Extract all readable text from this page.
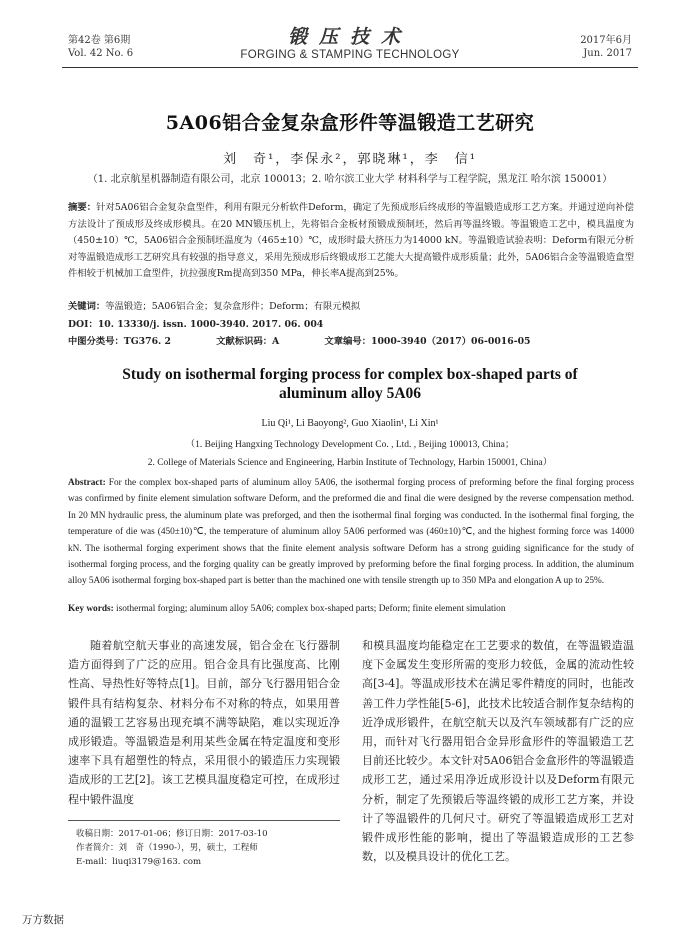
第42卷 第6期
Vol. 42 No. 6
锻压技术
FORGING & STAMPING TECHNOLOGY
2017年6月
Jun. 2017
5A06铝合金复杂盒形件等温锻造工艺研究
刘　奇¹，李保永²，郭晓琳¹，李　信¹
（1. 北京航星机器制造有限公司，北京 100013；2. 哈尔滨工业大学 材料科学与工程学院，黑龙江 哈尔滨 150001）
摘要：针对5A06铝合金复杂盒型件，利用有限元分析软件Deform，确定了先预成形后终成形的等温锻造成形工艺方案。并通过逆向补偿方法设计了预成形及终成形模具。在20 MN锻压机上，先将铝合金板材预锻成预制坯，然后再等温终锻。等温锻造工艺中，模具温度为（450±10）℃，5A06铝合金预制坯温度为（465±10）℃，成形时最大挤压力为14000 kN。等温锻造试验表明：Deform有限元分析对等温锻造成形工艺研究具有较强的指导意义，采用先预成形后终锻成形工艺能大大提高锻件成形质量；此外，5A06铝合金等温锻造盒型件相较于机械加工盒型件，抗拉强度Rm提高到350 MPa，伸长率A提高到25%。
关键词：等温锻造；5A06铝合金；复杂盒形件；Deform；有限元模拟
DOI：10. 13330/j. issn. 1000-3940. 2017. 06. 004
中图分类号：TG376. 2	文献标识码：A	文章编号：1000-3940（2017）06-0016-05
Study on isothermal forging process for complex box-shaped parts of aluminum alloy 5A06
Liu Qi¹, Li Baoyong², Guo Xiaolin¹, Li Xin¹
（1. Beijing Hangxing Technology Development Co. , Ltd. , Beijing 100013, China；
2. College of Materials Science and Engineering, Harbin Institute of Technology, Harbin 150001, China）
Abstract: For the complex box-shaped parts of aluminum alloy 5A06, the isothermal forging process of preforming before the final forging process was confirmed by finite element simulation software Deform, and the preformed die and final die were designed by the reverse compensation method. In 20 MN hydraulic press, the aluminum plate was preforged, and then the isothermal final forging was conducted. In the isothermal final forging, the temperature of die was (450±10)℃, the temperature of aluminum alloy 5A06 performed was (460±10)℃, and the highest forming force was 14000 kN. The isothermal forging experiment shows that the finite element analysis software Deform has a strong guiding significance for the study of isothermal forging process, and the forging quality can be greatly improved by preforming before the final forging process. In addition, the aluminum alloy 5A06 isothermal forging box-shaped part is better than the machined one with tensile strength up to 350 MPa and elongation A up to 25%.
Key words: isothermal forging; aluminum alloy 5A06; complex box-shaped parts; Deform; finite element simulation
随着航空航天事业的高速发展，铝合金在飞行器制造方面得到了广泛的应用。铝合金具有比强度高、比刚性高、导热性好等特点[1]。目前，部分飞行器用铝合金锻件具有结构复杂、材料分布不对称的特点，如果用普通的温锻工艺容易出现充填不满等缺陷，难以实现近净成形锻造。等温锻造是利用某些金属在特定温度和变形速率下具有超塑性的特点，采用很小的锻造压力实现锻造成形的工艺[2]。该工艺模具温度稳定可控，在成形过程中锻件温度
和模具温度均能稳定在工艺要求的数值，在等温锻造温度下金属发生变形所需的变形力较低，金属的流动性较高[3-4]。等温成形技术在满足零件精度的同时，也能改善工件力学性能[5-6]，此技术比较适合制作复杂结构的近净成形锻件，在航空航天以及汽车领域都有广泛的应用，而针对飞行器用铝合金异形盒形件的等温锻造工艺目前还比较少。本文针对5A06铝合金盒形件的等温锻造成形工艺，通过采用净近成形设计以及Deform有限元分析，制定了先预锻后等温终锻的成形工艺方案，并设计了等温锻件的几何尺寸。研究了等温锻造成形工艺对锻件成形性能的影响，提出了等温锻造成形的工艺参数，以及模具设计的优化工艺。
收稿日期：2017-01-06；修订日期：2017-03-10
作者简介：刘　奇（1990-），男，硕士，工程师
E-mail：liuqi3179@163. com
万方数据
